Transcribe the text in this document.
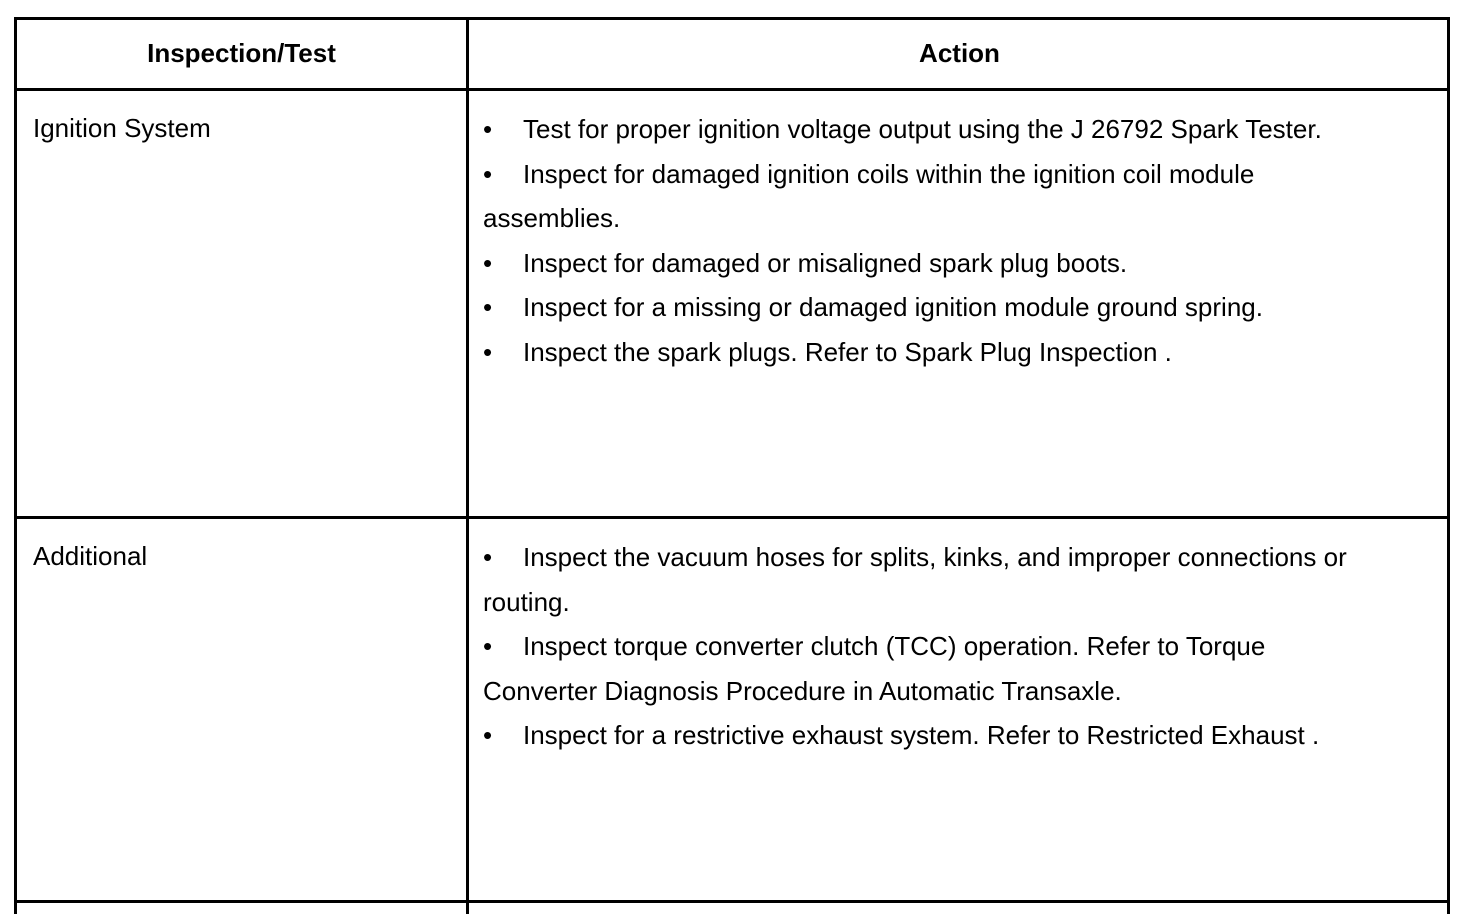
Inspection/Test	Action
Ignition System	• Test for proper ignition voltage output using the J 26792 Spark Tester.

• Inspect for damaged ignition coils within the ignition coil module assemblies.

• Inspect for damaged or misaligned spark plug boots.

• Inspect for a missing or damaged ignition module ground spring.

• Inspect the spark plugs. Refer to Spark Plug Inspection .

Additional	• Inspect the vacuum hoses for splits, kinks, and improper connections or routing.

• Inspect torque converter clutch (TCC) operation. Refer to Torque Converter Diagnosis Procedure in Automatic Transaxle.

• Inspect for a restrictive exhaust system. Refer to Restricted Exhaust .
